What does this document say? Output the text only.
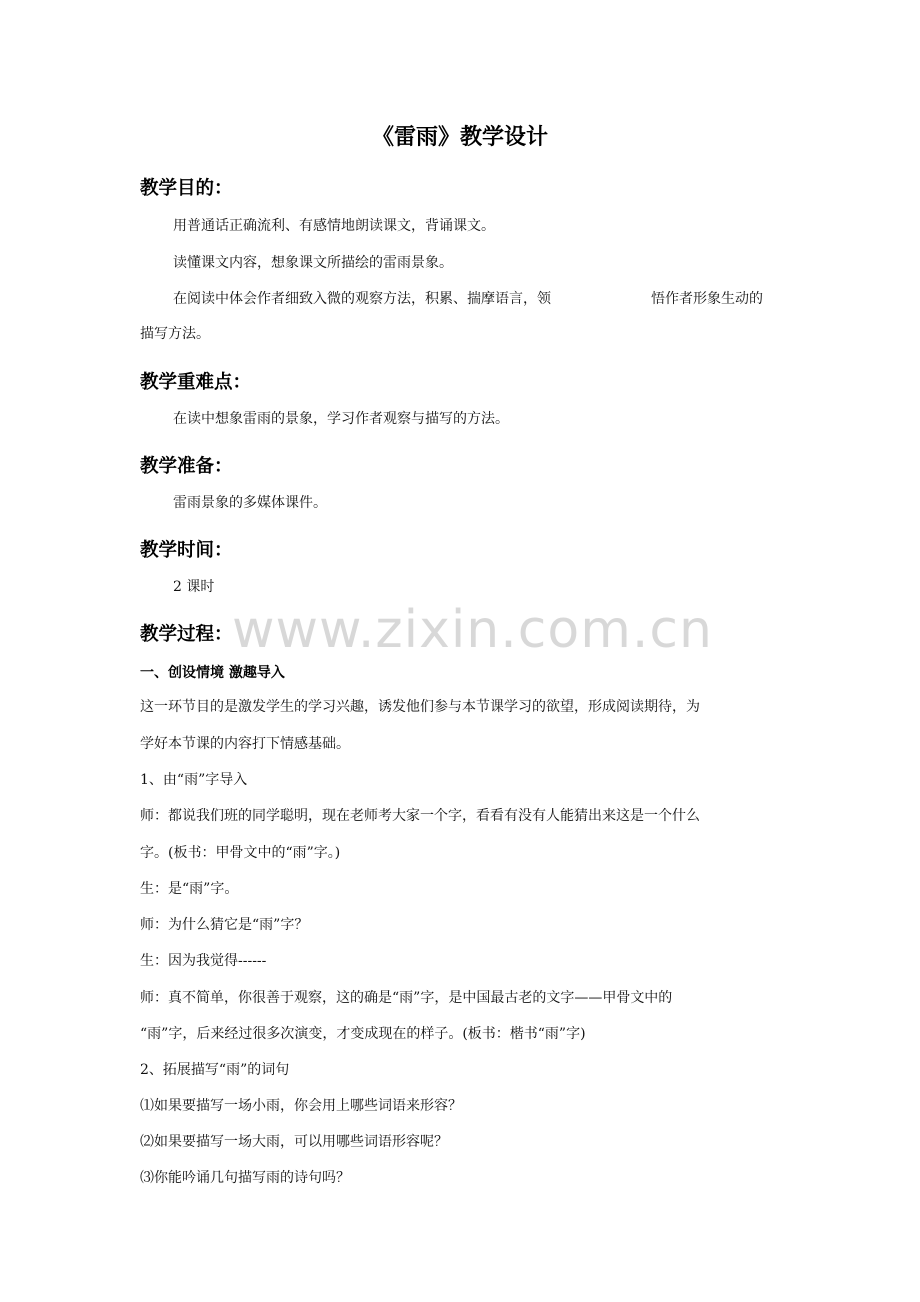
www.zixin.com.cn
《雷雨》教学设计
教学目的：
用普通话正确流利、有感情地朗读课文，背诵课文。
读懂课文内容，想象课文所描绘的雷雨景象。
在阅读中体会作者细致入微的观察方法，积累、揣摩语言，领	悟作者形象生动的
描写方法。
教学重难点：
在读中想象雷雨的景象，学习作者观察与描写的方法。
教学准备：
雷雨景象的多媒体课件。
教学时间：
2 课时
教学过程：
一、创设情境 激趣导入
这一环节目的是激发学生的学习兴趣，诱发他们参与本节课学习的欲望，形成阅读期待，为
学好本节课的内容打下情感基础。
1、由“雨”字导入
师：都说我们班的同学聪明，现在老师考大家一个字，看看有没有人能猜出来这是一个什么
字。(板书：甲骨文中的“雨”字。)
生：是“雨”字。
师：为什么猜它是“雨”字？
生：因为我觉得------
师：真不简单，你很善于观察，这的确是“雨”字，是中国最古老的文字——甲骨文中的
“雨”字，后来经过很多次演变，才变成现在的样子。(板书：楷书“雨”字)
2、拓展描写“雨”的词句
⑴如果要描写一场小雨，你会用上哪些词语来形容？
⑵如果要描写一场大雨，可以用哪些词语形容呢？
⑶你能吟诵几句描写雨的诗句吗？
